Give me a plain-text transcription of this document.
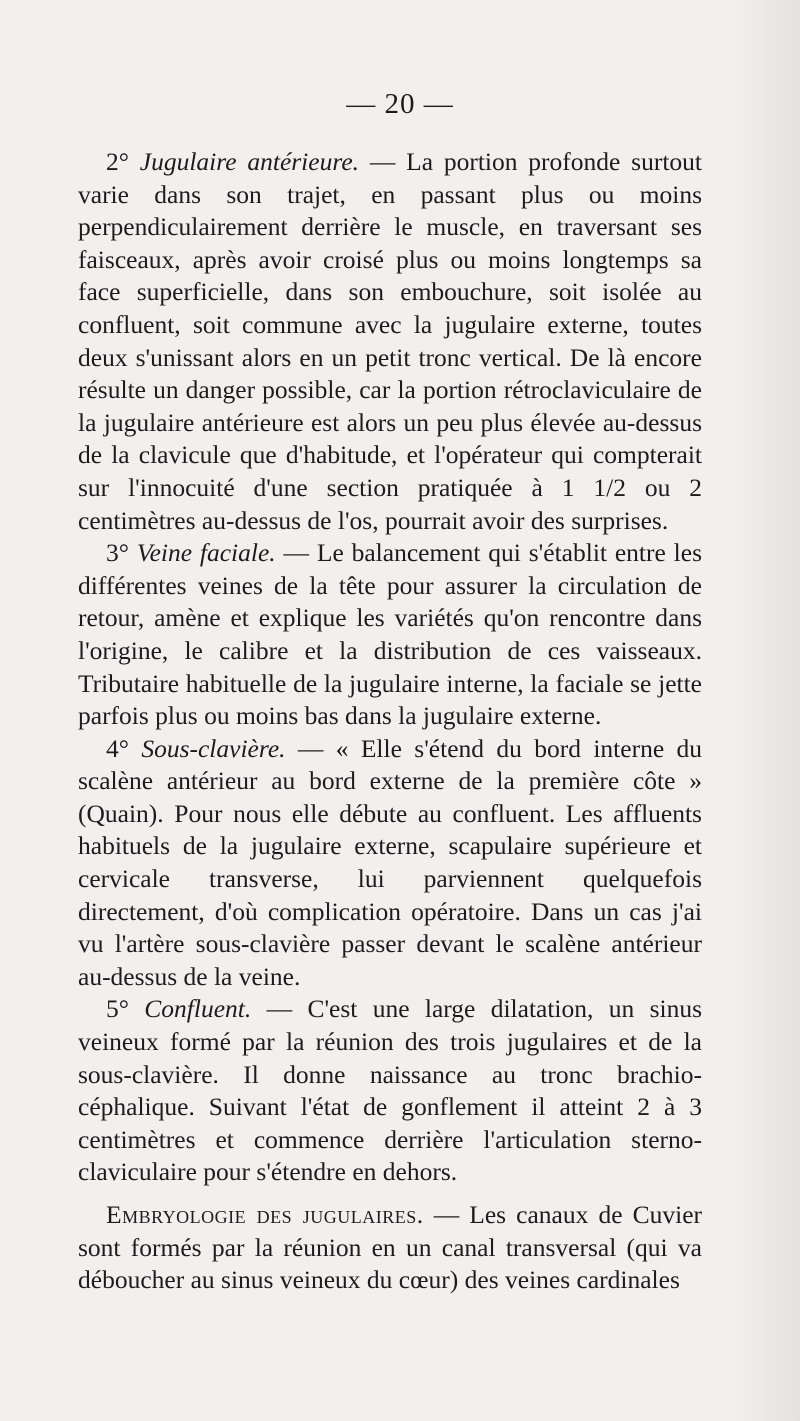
— 20 —

2° Jugulaire antérieure. — La portion profonde surtout varie dans son trajet, en passant plus ou moins perpendiculairement derrière le muscle, en traversant ses faisceaux, après avoir croisé plus ou moins longtemps sa face superficielle, dans son embouchure, soit isolée au confluent, soit commune avec la jugulaire externe, toutes deux s'unissant alors en un petit tronc vertical. De là encore résulte un danger possible, car la portion rétroclaviculaire de la jugulaire antérieure est alors un peu plus élevée au-dessus de la clavicule que d'habitude, et l'opérateur qui compterait sur l'innocuité d'une section pratiquée à 1 1/2 ou 2 centimètres au-dessus de l'os, pourrait avoir des surprises.

3° Veine faciale. — Le balancement qui s'établit entre les différentes veines de la tête pour assurer la circulation de retour, amène et explique les variétés qu'on rencontre dans l'origine, le calibre et la distribution de ces vaisseaux. Tributaire habituelle de la jugulaire interne, la faciale se jette parfois plus ou moins bas dans la jugulaire externe.

4° Sous-clavière. — « Elle s'étend du bord interne du scalène antérieur au bord externe de la première côte » (Quain). Pour nous elle débute au confluent. Les affluents habituels de la jugulaire externe, scapulaire supérieure et cervicale transverse, lui parviennent quelquefois directement, d'où complication opératoire. Dans un cas j'ai vu l'artère sous-clavière passer devant le scalène antérieur au-dessus de la veine.

5° Confluent. — C'est une large dilatation, un sinus veineux formé par la réunion des trois jugulaires et de la sous-clavière. Il donne naissance au tronc brachio-céphalique. Suivant l'état de gonflement il atteint 2 à 3 centimètres et commence derrière l'articulation sterno-claviculaire pour s'étendre en dehors.

Embryologie des jugulaires. — Les canaux de Cuvier sont formés par la réunion en un canal transversal (qui va déboucher au sinus veineux du cœur) des veines cardinales
